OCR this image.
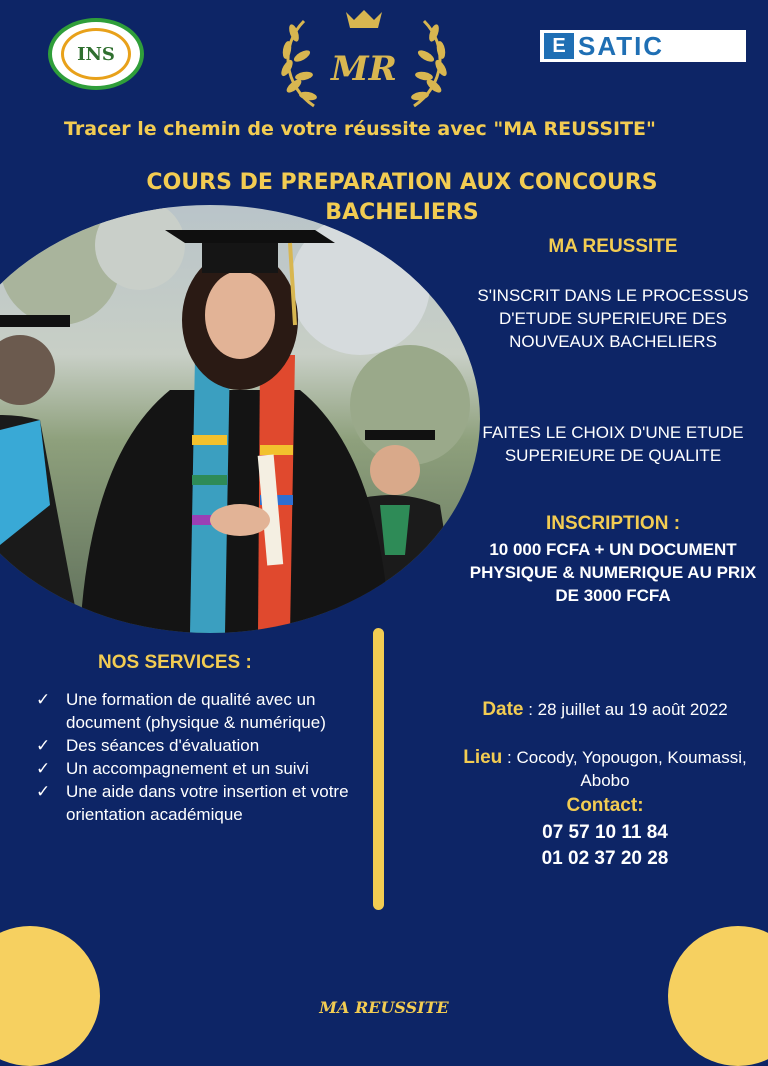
INS	MR
E SATIC
Tracer le chemin de votre réussite avec "MA REUSSITE"
COURS DE PREPARATION AUX CONCOURS
BACHELIERS
MA REUSSITE
S'INSCRIT DANS LE PROCESSUS D'ETUDE SUPERIEURE DES NOUVEAUX BACHELIERS
FAITES LE CHOIX D'UNE ETUDE SUPERIEURE DE QUALITE
INSCRIPTION :
10 000 FCFA + UN DOCUMENT PHYSIQUE & NUMERIQUE AU PRIX DE 3000 FCFA
NOS SERVICES :
✓ Une formation de qualité avec un document (physique & numérique)
✓ Des séances d'évaluation
✓ Un accompagnement et un suivi
✓ Une aide dans votre insertion et votre orientation académique
Date : 28 juillet au 19 août 2022
Lieu : Cocody, Yopougon, Koumassi, Abobo
Contact:
07 57 10 11 84
01 02 37 20 28
MA REUSSITE
